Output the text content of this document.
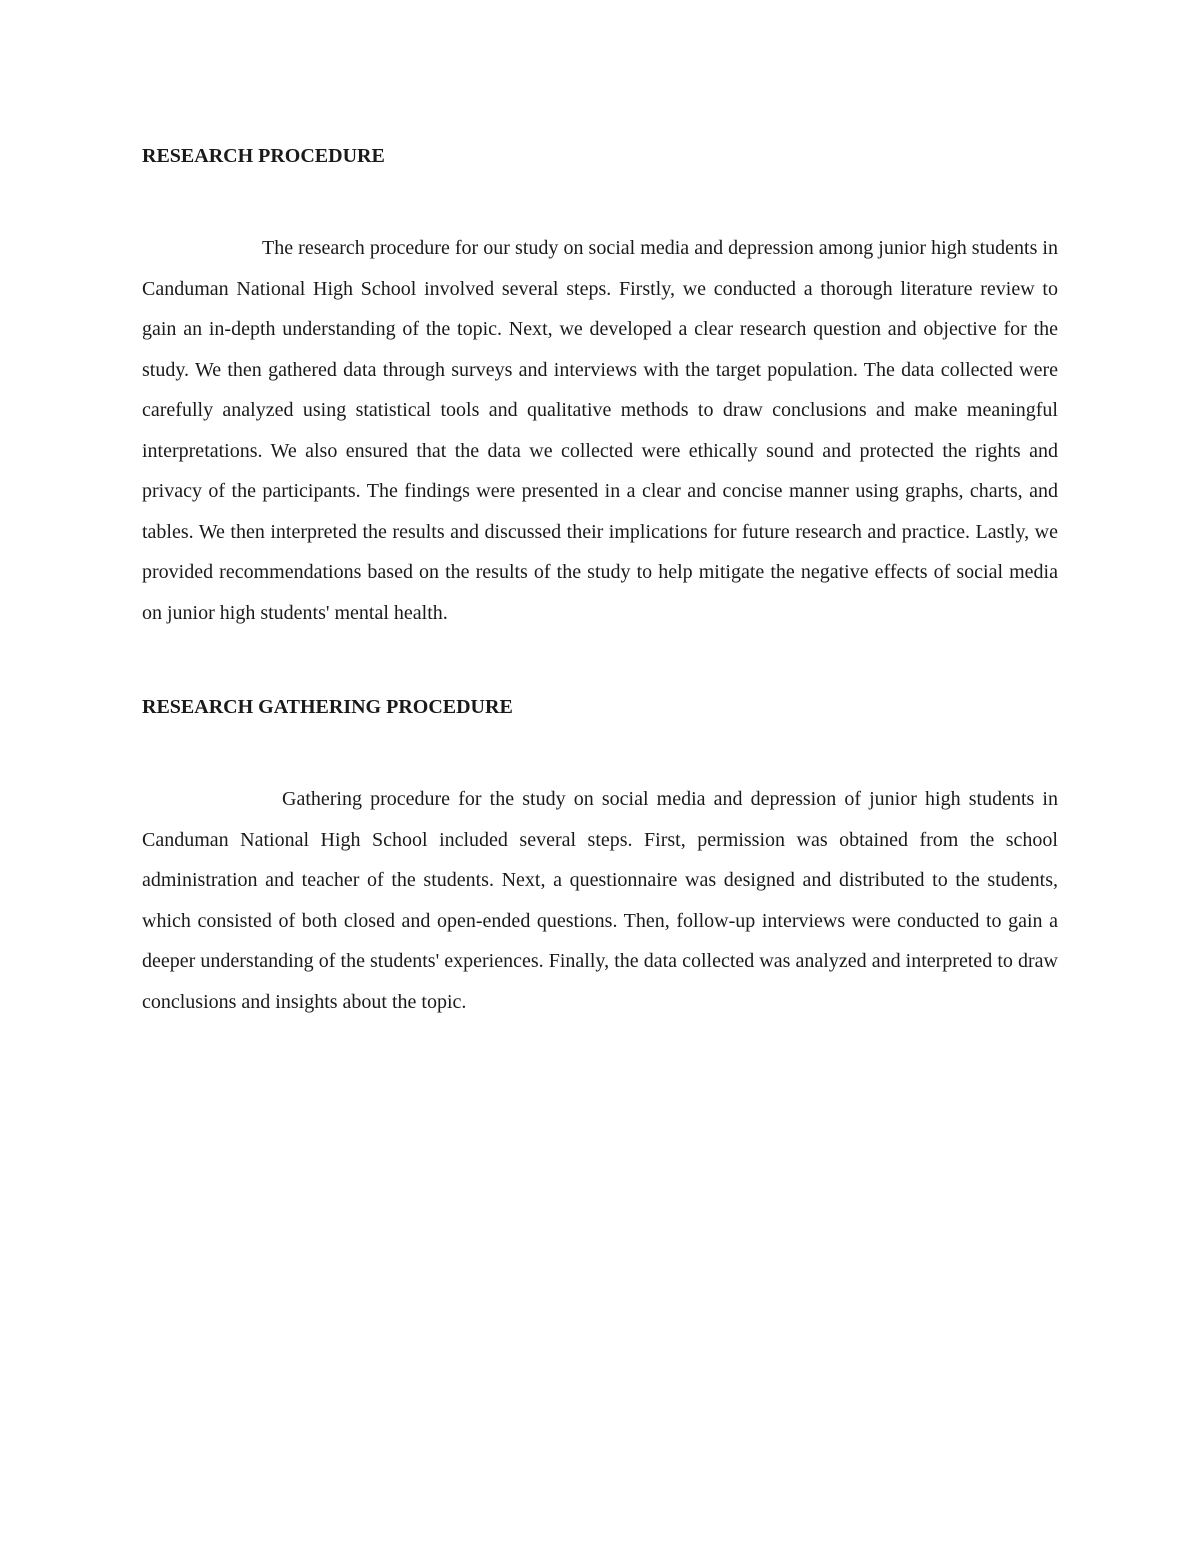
RESEARCH PROCEDURE

The research procedure for our study on social media and depression among junior high students in Canduman National High School involved several steps. Firstly, we conducted a thorough literature review to gain an in-depth understanding of the topic. Next, we developed a clear research question and objective for the study. We then gathered data through surveys and interviews with the target population. The data collected were carefully analyzed using statistical tools and qualitative methods to draw conclusions and make meaningful interpretations. We also ensured that the data we collected were ethically sound and protected the rights and privacy of the participants. The findings were presented in a clear and concise manner using graphs, charts, and tables. We then interpreted the results and discussed their implications for future research and practice. Lastly, we provided recommendations based on the results of the study to help mitigate the negative effects of social media on junior high students' mental health.

RESEARCH GATHERING PROCEDURE

Gathering procedure for the study on social media and depression of junior high students in Canduman National High School included several steps. First, permission was obtained from the school administration and teacher of the students. Next, a questionnaire was designed and distributed to the students, which consisted of both closed and open-ended questions. Then, follow-up interviews were conducted to gain a deeper understanding of the students' experiences. Finally, the data collected was analyzed and interpreted to draw conclusions and insights about the topic.
